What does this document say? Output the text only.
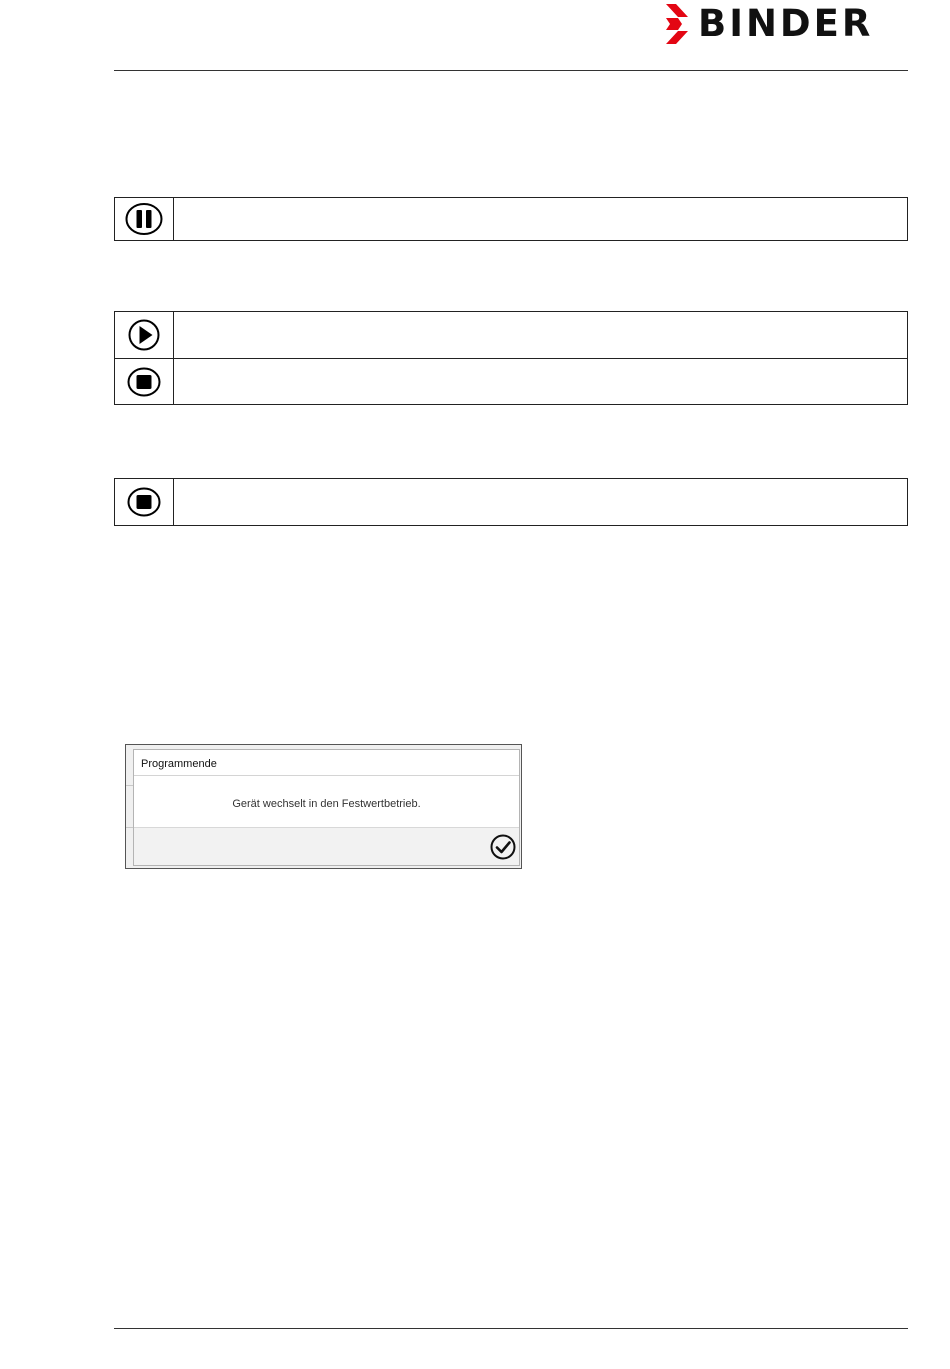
BINDER
Programmende
Gerät wechselt in den Festwertbetrieb.
